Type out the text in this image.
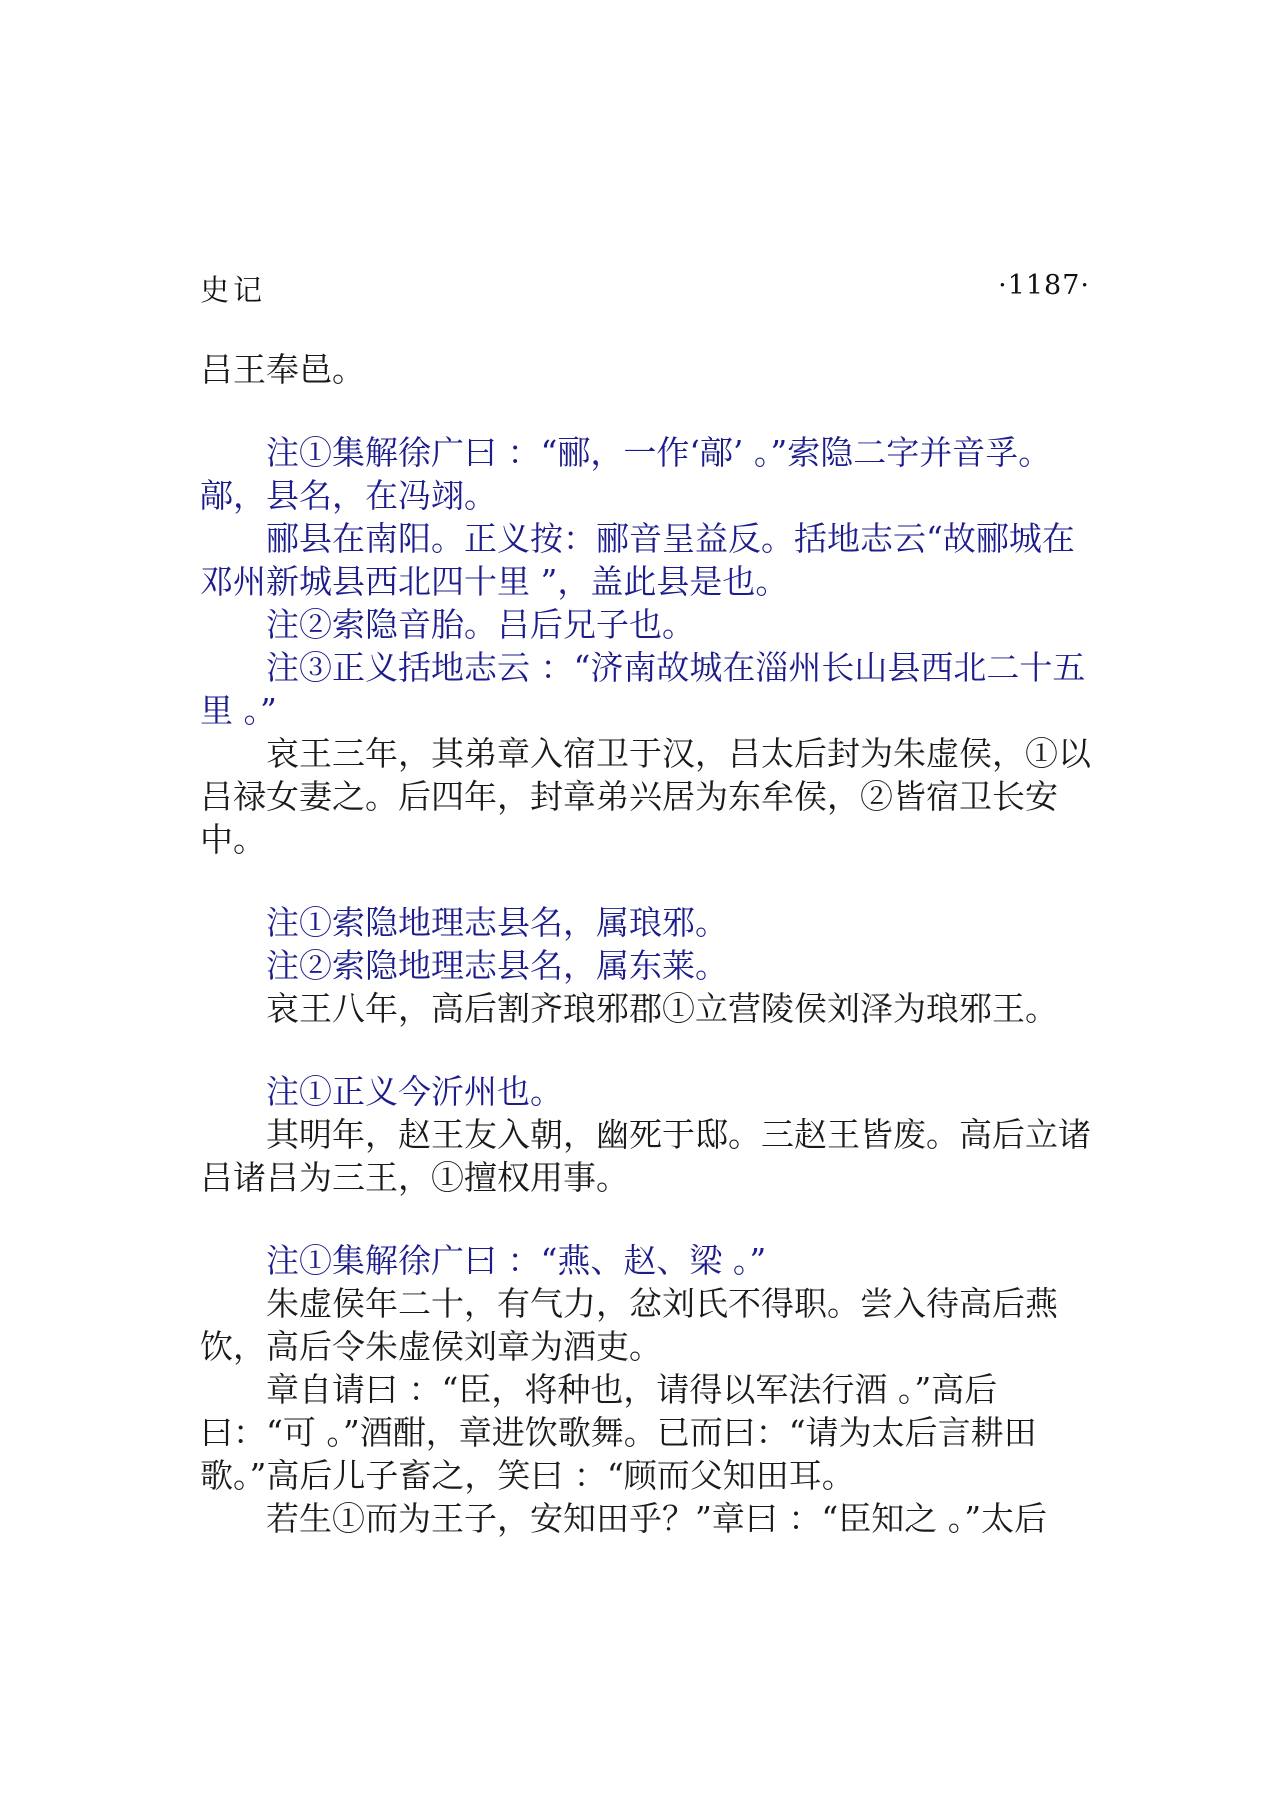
史记	·1187·

吕王奉邑。

注①集解徐广曰 ：“郦，一作‘鄗’ 。”索隐二字并音孚。鄗，县名，在冯翊。

郦县在南阳。正义按：郦音呈益反。括地志云“故郦城在邓州新城县西北四十里 ”，盖此县是也。

注②索隐音胎。吕后兄子也。

注③正义括地志云 ：“济南故城在淄州长山县西北二十五里 。”

哀王三年，其弟章入宿卫于汉，吕太后封为朱虚侯，①以吕禄女妻之。后四年，封章弟兴居为东牟侯，②皆宿卫长安中。

注①索隐地理志县名，属琅邪。

注②索隐地理志县名，属东莱。

哀王八年，高后割齐琅邪郡①立营陵侯刘泽为琅邪王。

注①正义今沂州也。

其明年，赵王友入朝，幽死于邸。三赵王皆废。高后立诸吕诸吕为三王，①擅权用事。

注①集解徐广曰 ：“燕、赵、梁 。”

朱虚侯年二十，有气力，忿刘氏不得职。尝入待高后燕饮，高后令朱虚侯刘章为酒吏。

章自请曰 ：“臣，将种也，请得以军法行酒 。”高后曰：“可 。”酒酣，章进饮歌舞。已而曰：“请为太后言耕田歌。”高后儿子畜之，笑曰 ：“顾而父知田耳。

若生①而为王子，安知田乎？”章曰 ：“臣知之 。”太后
